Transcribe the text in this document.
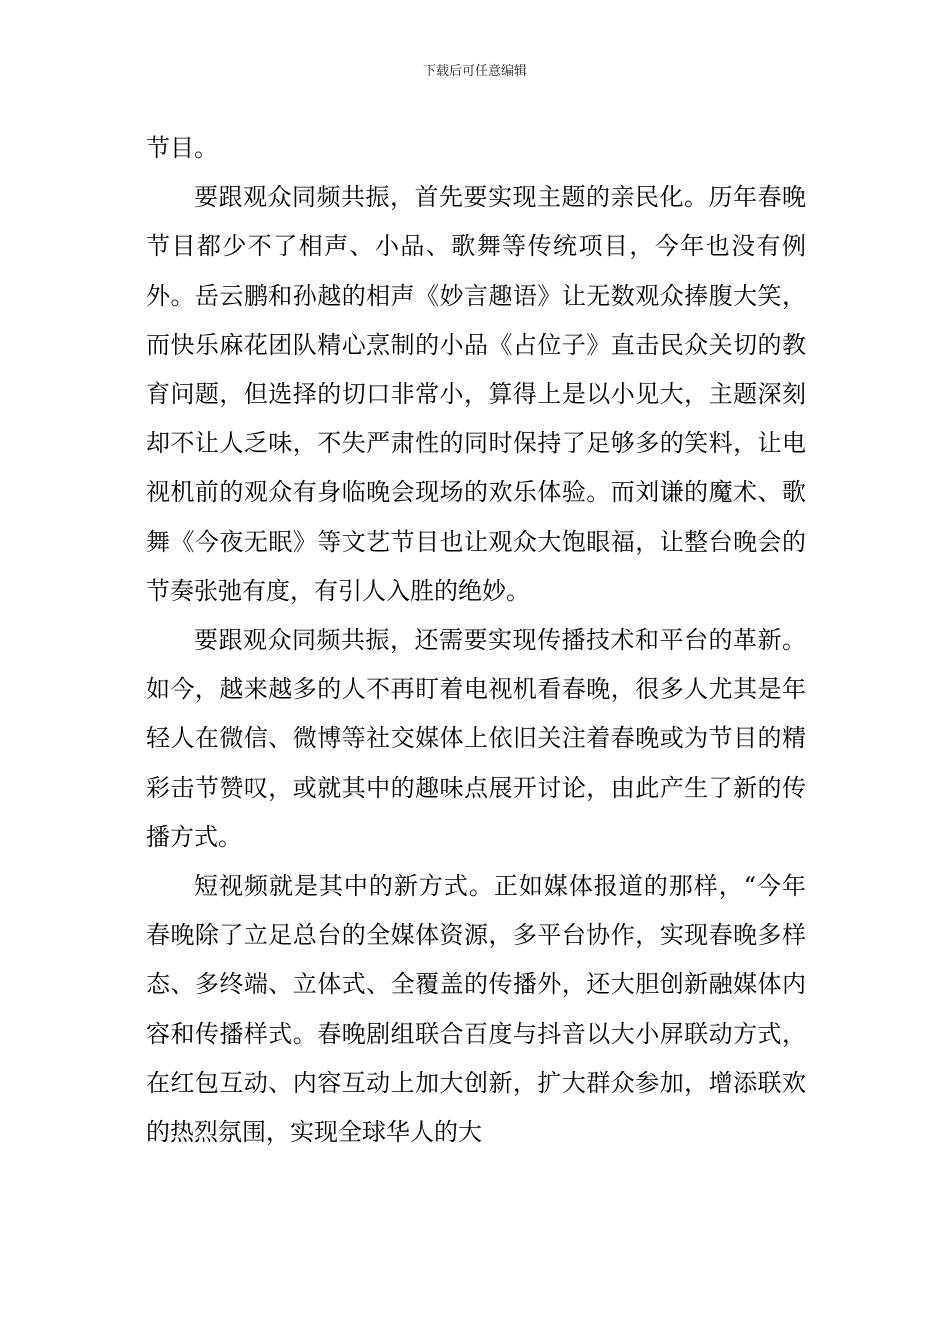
下载后可任意编辑

节目。

要跟观众同频共振，首先要实现主题的亲民化。历年春晚节目都少不了相声、小品、歌舞等传统项目，今年也没有例外。岳云鹏和孙越的相声《妙言趣语》让无数观众捧腹大笑，而快乐麻花团队精心烹制的小品《占位子》直击民众关切的教育问题，但选择的切口非常小，算得上是以小见大，主题深刻却不让人乏味，不失严肃性的同时保持了足够多的笑料，让电视机前的观众有身临晚会现场的欢乐体验。而刘谦的魔术、歌舞《今夜无眠》等文艺节目也让观众大饱眼福，让整台晚会的节奏张弛有度，有引人入胜的绝妙。

要跟观众同频共振，还需要实现传播技术和平台的革新。如今，越来越多的人不再盯着电视机看春晚，很多人尤其是年轻人在微信、微博等社交媒体上依旧关注着春晚或为节目的精彩击节赞叹，或就其中的趣味点展开讨论，由此产生了新的传播方式。

短视频就是其中的新方式。正如媒体报道的那样，“今年春晚除了立足总台的全媒体资源，多平台协作，实现春晚多样态、多终端、立体式、全覆盖的传播外，还大胆创新融媒体内容和传播样式。春晚剧组联合百度与抖音以大小屏联动方式，在红包互动、内容互动上加大创新，扩大群众参加，增添联欢的热烈氛围，实现全球华人的大
